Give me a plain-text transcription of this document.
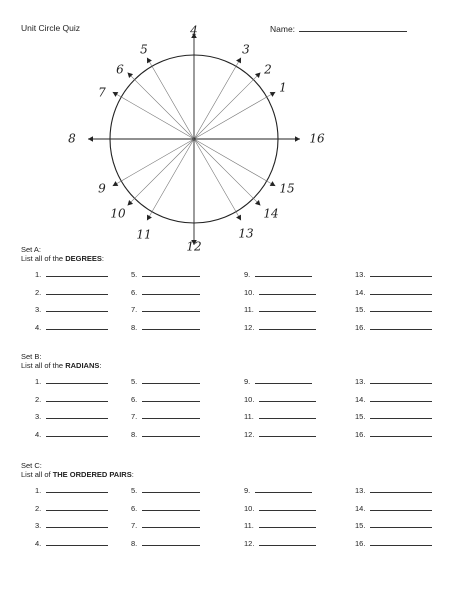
Unit Circle Quiz	Name:
1
2
3
4
5
6
7
8
9
10
11
12
13
14
15
16
Set A:
List all of the DEGREES:
1.	5.	9.	13.
2.	6.	10.	14.
3.	7.	11.	15.
4.	8.	12.	16.
Set B:
List all of the RADIANS:
1.	5.	9.	13.
2.	6.	10.	14.
3.	7.	11.	15.
4.	8.	12.	16.
Set C:
List all of THE ORDERED PAIRS:
1.	5.	9.	13.
2.	6.	10.	14.
3.	7.	11.	15.
4.	8.	12.	16.
